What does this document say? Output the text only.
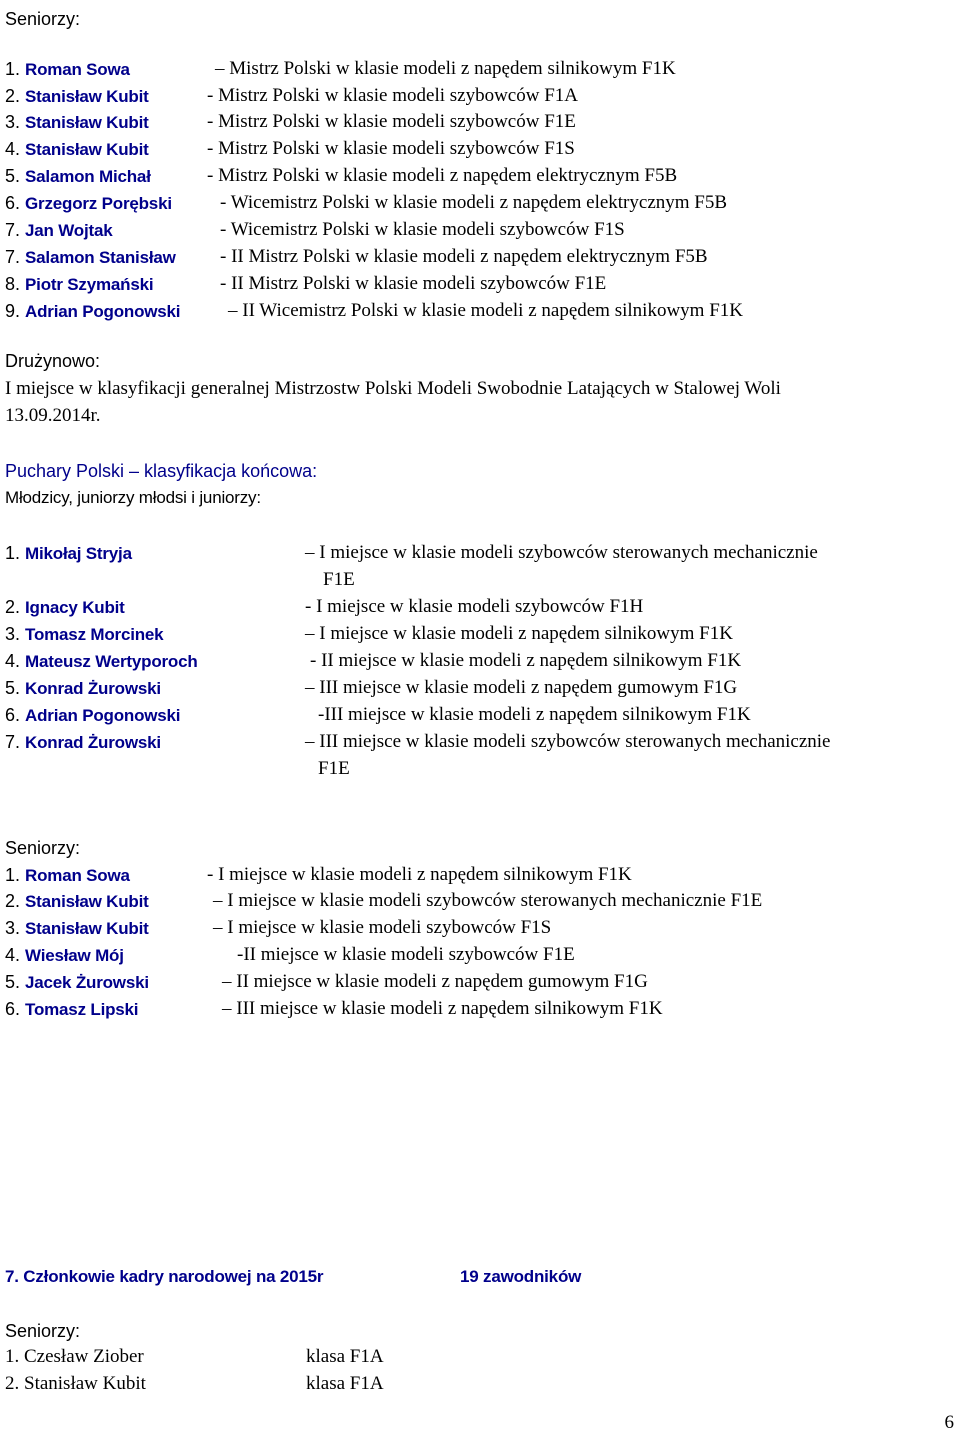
Seniorzy:
1. Roman Sowa	– Mistrz Polski w klasie modeli z napędem silnikowym F1K
2. Stanisław Kubit	- Mistrz Polski w klasie modeli szybowców F1A
3. Stanisław Kubit	- Mistrz Polski w klasie modeli szybowców F1E
4. Stanisław Kubit	- Mistrz Polski w klasie modeli szybowców F1S
5. Salamon Michał	- Mistrz Polski w klasie modeli z napędem elektrycznym F5B
6. Grzegorz Porębski	- Wicemistrz Polski w klasie modeli z napędem elektrycznym F5B
7. Jan Wojtak	- Wicemistrz Polski w klasie modeli szybowców F1S
7. Salamon Stanisław - II Mistrz Polski w klasie modeli z napędem elektrycznym F5B
8. Piotr Szymański	- II Mistrz Polski w klasie modeli szybowców F1E
9. Adrian Pogonowski	– II Wicemistrz Polski w klasie modeli z napędem silnikowym F1K
Drużynowo:
I miejsce w klasyfikacji generalnej Mistrzostw Polski Modeli Swobodnie Latających w Stalowej Woli
13.09.2014r.
Puchary Polski – klasyfikacja końcowa:
Młodzicy, juniorzy młodsi i juniorzy:
1. Mikołaj Stryja	– I miejsce w klasie modeli szybowców sterowanych mechanicznie
F1E
2. Ignacy Kubit	- I miejsce w klasie modeli szybowców F1H
3. Tomasz Morcinek	– I miejsce w klasie modeli z napędem silnikowym F1K
4. Mateusz Wertyporoch	- II miejsce w klasie modeli z napędem silnikowym F1K
5. Konrad Żurowski	– III miejsce w klasie modeli z napędem gumowym F1G
6. Adrian Pogonowski	-III miejsce w klasie modeli z napędem silnikowym F1K
7. Konrad Żurowski	– III miejsce w klasie modeli szybowców sterowanych mechanicznie
F1E
Seniorzy:
1. Roman Sowa	- I miejsce w klasie modeli z napędem silnikowym F1K
2. Stanisław Kubit	– I miejsce w klasie modeli szybowców sterowanych mechanicznie F1E
3. Stanisław Kubit	– I miejsce w klasie modeli szybowców F1S
4. Wiesław Mój	-II miejsce w klasie modeli szybowców F1E
5. Jacek Żurowski	– II miejsce w klasie modeli z napędem gumowym F1G
6. Tomasz Lipski	– III miejsce w klasie modeli z napędem silnikowym F1K
7. Członkowie kadry narodowej na 2015r	19 zawodników
Seniorzy:
1. Czesław Ziober	klasa F1A
2. Stanisław Kubit	klasa F1A
6
